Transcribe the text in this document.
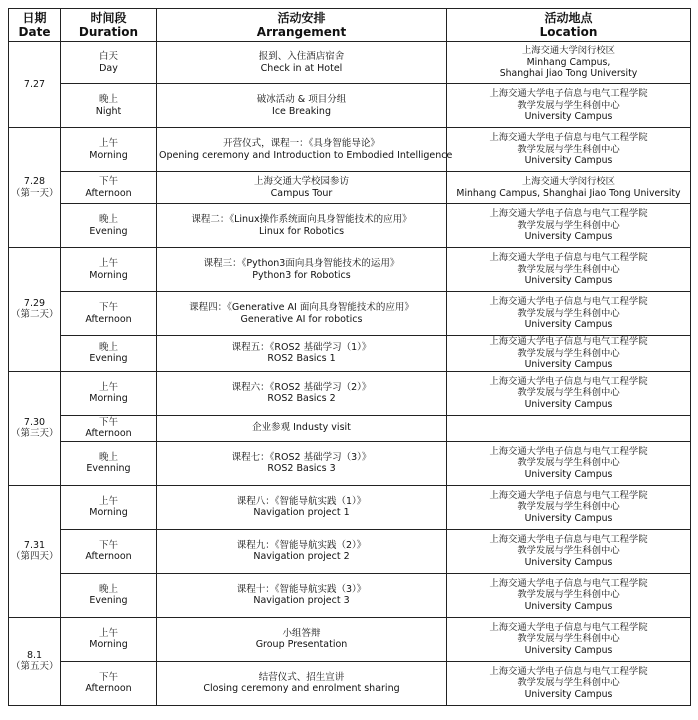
日期
Date	时间段
Duration	活动安排
Arrangement	活动地点
Location

7.27	白天
Day	报到、入住酒店宿舍
Check in at Hotel	上海交通大学闵行校区
Minhang Campus,
Shanghai Jiao Tong University

	晚上
Night	破冰活动 & 项目分组
Ice Breaking	上海交通大学电子信息与电气工程学院
教学发展与学生科创中心
University Campus

7.28
（第一天）	上午
Morning	开营仪式，课程一：《具身智能导论》
Opening ceremony and Introduction to Embodied Intelligence	上海交通大学电子信息与电气工程学院
教学发展与学生科创中心
University Campus

	下午
Afternoon	上海交通大学校园参访
Campus Tour	上海交通大学闵行校区
Minhang Campus, Shanghai Jiao Tong University

	晚上
Evening	课程二：《Linux操作系统面向具身智能技术的应用》
Linux for Robotics	上海交通大学电子信息与电气工程学院
教学发展与学生科创中心
University Campus

7.29
（第二天）	上午
Morning	课程三：《Python3面向具身智能技术的运用》
Python3 for Robotics	上海交通大学电子信息与电气工程学院
教学发展与学生科创中心
University Campus

	下午
Afternoon	课程四：《Generative AI 面向具身智能技术的应用》
Generative AI for robotics	上海交通大学电子信息与电气工程学院
教学发展与学生科创中心
University Campus

	晚上
Evening	课程五：《ROS2 基础学习（1）》
ROS2 Basics 1	上海交通大学电子信息与电气工程学院
教学发展与学生科创中心
University Campus

7.30
（第三天）	上午
Morning	课程六：《ROS2 基础学习（2）》
ROS2 Basics 2	上海交通大学电子信息与电气工程学院
教学发展与学生科创中心
University Campus

	下午
Afternoon	企业参观 Industy visit	

	晚上
Evenning	课程七：《ROS2 基础学习（3）》
ROS2 Basics 3	上海交通大学电子信息与电气工程学院
教学发展与学生科创中心
University Campus

7.31
（第四天）	上午
Morning	课程八：《智能导航实践（1）》
Navigation project 1	上海交通大学电子信息与电气工程学院
教学发展与学生科创中心
University Campus

	下午
Afternoon	课程九：《智能导航实践（2）》
Navigation project 2	上海交通大学电子信息与电气工程学院
教学发展与学生科创中心
University Campus

	晚上
Evening	课程十：《智能导航实践（3）》
Navigation project 3	上海交通大学电子信息与电气工程学院
教学发展与学生科创中心
University Campus

8.1
（第五天）	上午
Morning	小组答辩
Group Presentation	上海交通大学电子信息与电气工程学院
教学发展与学生科创中心
University Campus

	下午
Afternoon	结营仪式、招生宣讲
Closing ceremony and enrolment sharing	上海交通大学电子信息与电气工程学院
教学发展与学生科创中心
University Campus
